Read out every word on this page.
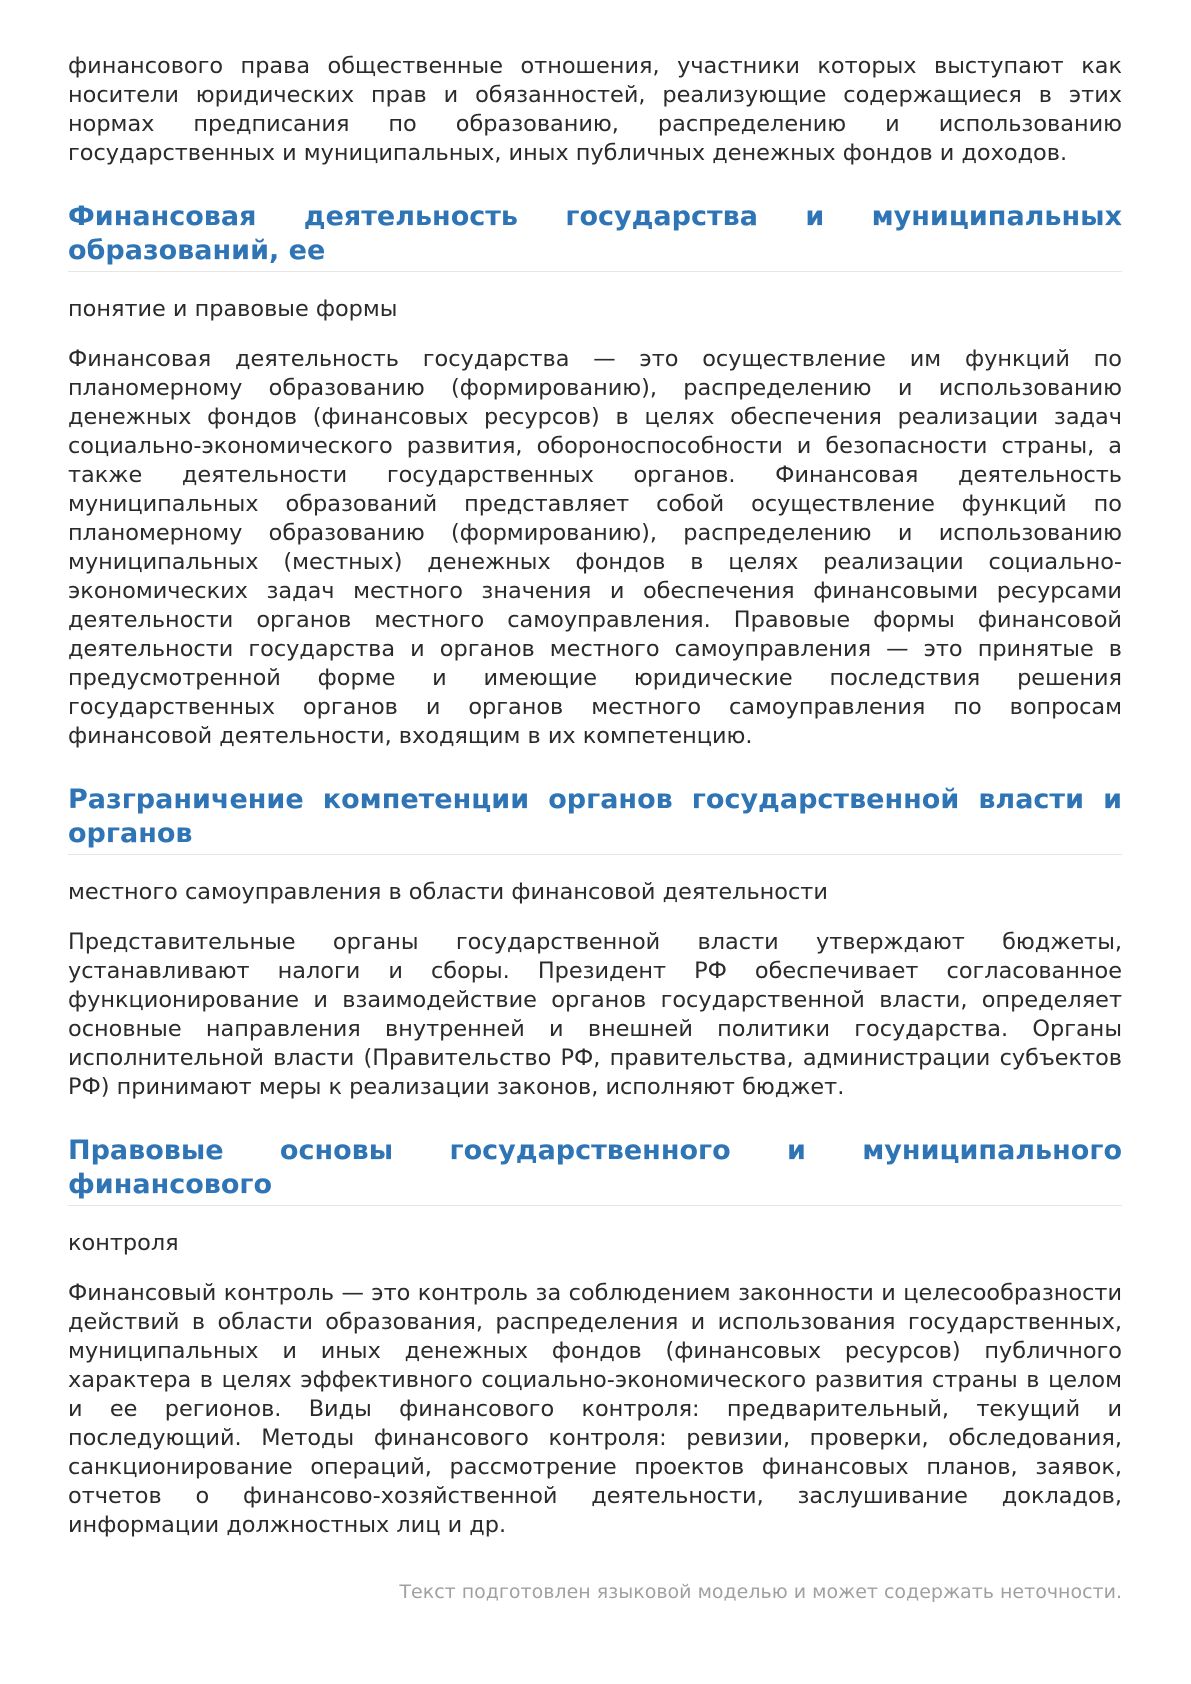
финансового права общественные отношения, участники которых выступают как носители юридических прав и обязанностей, реализующие содержащиеся в этих нормах предписания по образованию, распределению и использованию государственных и муниципальных, иных публичных денежных фондов и доходов.

Финансовая деятельность государства и муниципальных образований, ее

понятие и правовые формы

Финансовая деятельность государства — это осуществление им функций по планомерному образованию (формированию), распределению и использованию денежных фондов (финансовых ресурсов) в целях обеспечения реализации задач социально-экономического развития, обороноспособности и безопасности страны, а также деятельности государственных органов. Финансовая деятельность муниципальных образований представляет собой осуществление функций по планомерному образованию (формированию), распределению и использованию муниципальных (местных) денежных фондов в целях реализации социально-экономических задач местного значения и обеспечения финансовыми ресурсами деятельности органов местного самоуправления. Правовые формы финансовой деятельности государства и органов местного самоуправления — это принятые в предусмотренной форме и имеющие юридические последствия решения государственных органов и органов местного самоуправления по вопросам финансовой деятельности, входящим в их компетенцию.

Разграничение компетенции органов государственной власти и органов

местного самоуправления в области финансовой деятельности

Представительные органы государственной власти утверждают бюджеты, устанавливают налоги и сборы. Президент РФ обеспечивает согласованное функционирование и взаимодействие органов государственной власти, определяет основные направления внутренней и внешней политики государства. Органы исполнительной власти (Правительство РФ, правительства, администрации субъектов РФ) принимают меры к реализации законов, исполняют бюджет.

Правовые основы государственного и муниципального финансового

контроля

Финансовый контроль — это контроль за соблюдением законности и целесообразности действий в области образования, распределения и использования государственных, муниципальных и иных денежных фондов (финансовых ресурсов) публичного характера в целях эффективного социально-экономического развития страны в целом и ее регионов. Виды финансового контроля: предварительный, текущий и последующий. Методы финансового контроля: ревизии, проверки, обследования, санкционирование операций, рассмотрение проектов финансовых планов, заявок, отчетов о финансово-хозяйственной деятельности, заслушивание докладов, информации должностных лиц и др.

Текст подготовлен языковой моделью и может содержать неточности.
